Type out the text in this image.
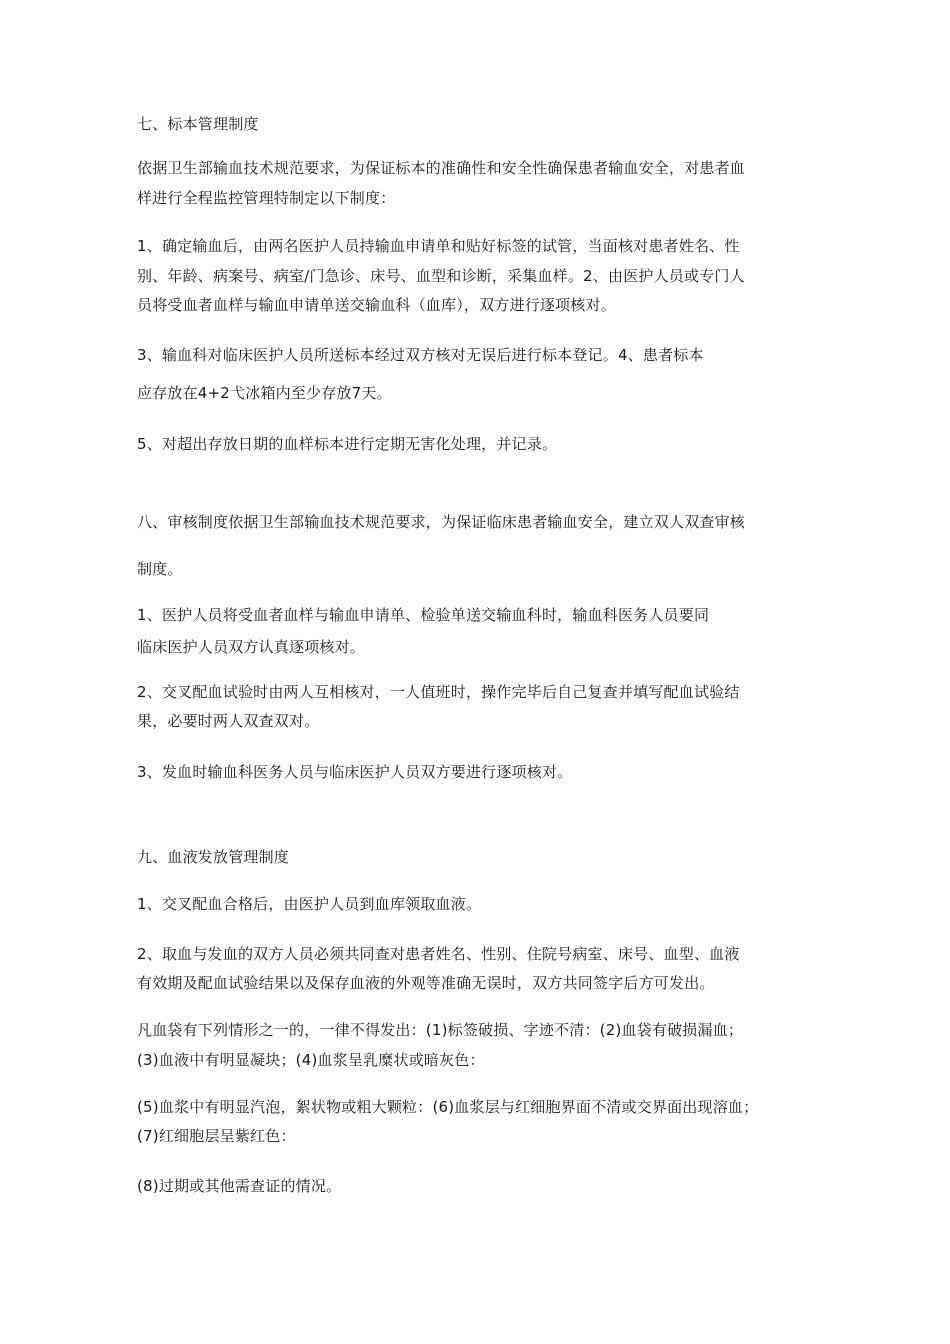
七、标本管理制度
依据卫生部输血技术规范要求，为保证标本的准确性和安全性确保患者输血安全，对患者血
样进行全程监控管理特制定以下制度：
1、确定输血后，由两名医护人员持输血申请单和贴好标签的试管，当面核对患者姓名、性
别、年龄、病案号、病室/门急诊、床号、血型和诊断，采集血样。2、由医护人员或专门人
员将受血者血样与输血申请单送交输血科（血库），双方进行逐项核对。
3、输血科对临床医护人员所送标本经过双方核对无误后进行标本登记。4、患者标本
应存放在4+2弋冰箱内至少存放7天。
5、对超出存放日期的血样标本进行定期无害化处理，并记录。
八、审核制度依据卫生部输血技术规范要求，为保证临床患者输血安全，建立双人双查审核
制度。
1、医护人员将受血者血样与输血申请单、检验单送交输血科时，输血科医务人员要同
临床医护人员双方认真逐项核对。
2、交叉配血试验时由两人互相核对，一人值班时，操作完毕后自己复查并填写配血试验结
果，必要时两人双查双对。
3、发血时输血科医务人员与临床医护人员双方要进行逐项核对。
九、血液发放管理制度
1、交叉配血合格后，由医护人员到血库领取血液。
2、取血与发血的双方人员必须共同查对患者姓名、性别、住院号病室、床号、血型、血液
有效期及配血试验结果以及保存血液的外观等准确无误时，双方共同签字后方可发出。
凡血袋有下列情形之一的，一律不得发出：(1)标签破损、字迹不清：(2)血袋有破损漏血；
(3)血液中有明显凝块；(4)血浆呈乳糜状或暗灰色：
(5)血浆中有明显汽泡，絮状物或粗大颗粒：(6)血浆层与红细胞界面不清或交界面出现溶血；
(7)红细胞层呈紫红色：
(8)过期或其他需查证的情况。
